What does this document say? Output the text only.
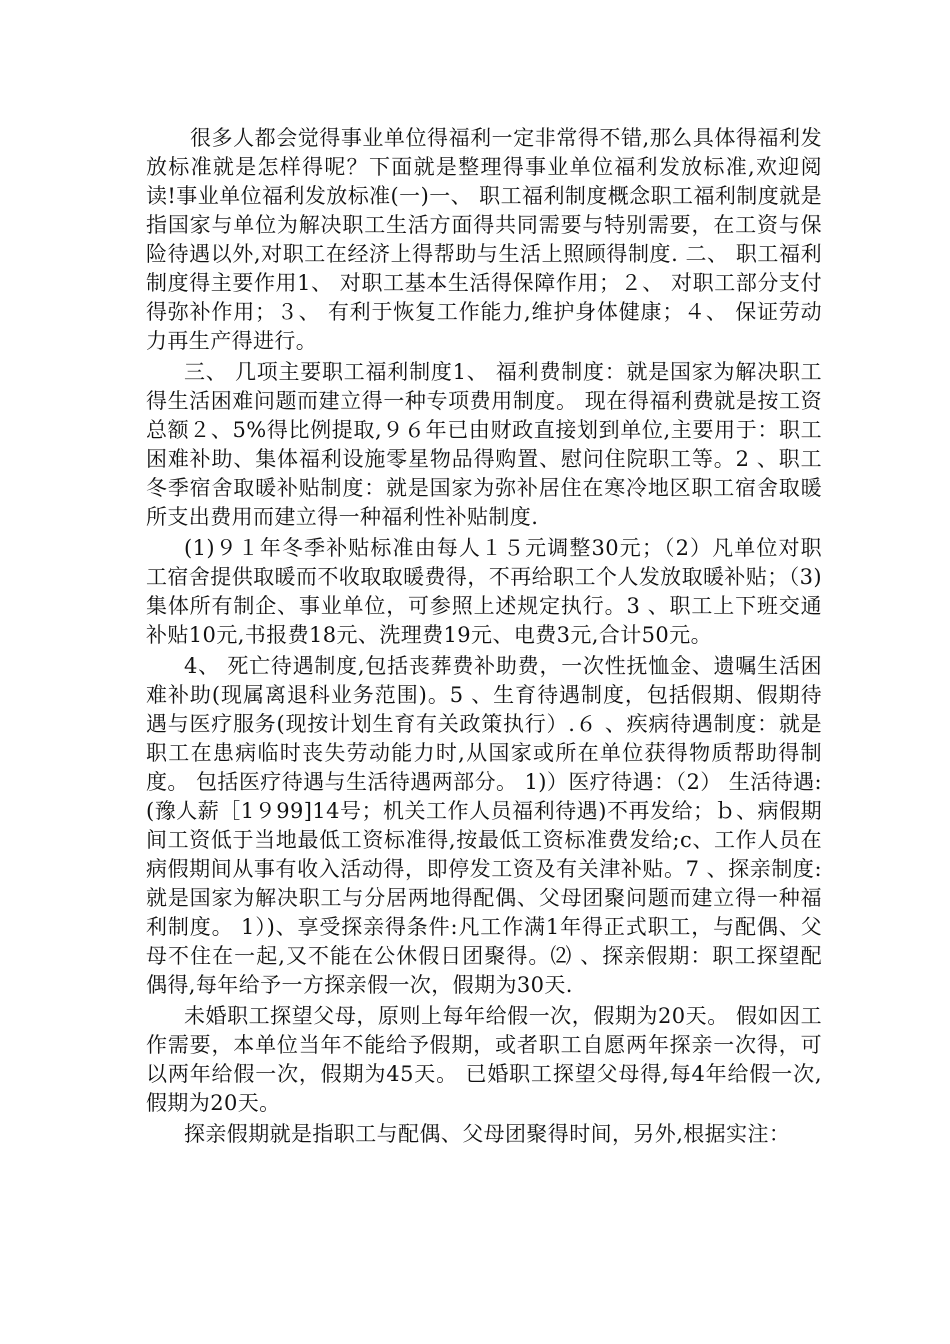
很多人都会觉得事业单位得福利一定非常得不错,那么具体得福利发放标准就是怎样得呢？下面就是整理得事业单位福利发放标准,欢迎阅读!事业单位福利发放标准(一)一、 职工福利制度概念职工福利制度就是指国家与单位为解决职工生活方面得共同需要与特别需要，在工资与保险待遇以外,对职工在经济上得帮助与生活上照顾得制度. 二、 职工福利制度得主要作用1、 对职工基本生活得保障作用；２、 对职工部分支付得弥补作用；３、 有利于恢复工作能力,维护身体健康；４、 保证劳动力再生产得进行。

三、 几项主要职工福利制度1、 福利费制度：就是国家为解决职工得生活困难问题而建立得一种专项费用制度。 现在得福利费就是按工资总额２、5%得比例提取,９６年已由财政直接划到单位,主要用于：职工困难补助、集体福利设施零星物品得购置、慰问住院职工等。2 、职工冬季宿舍取暖补贴制度：就是国家为弥补居住在寒冷地区职工宿舍取暖所支出费用而建立得一种福利性补贴制度.

(1)９１年冬季补贴标准由每人１５元调整30元；（2）凡单位对职工宿舍提供取暖而不收取取暖费得，不再给职工个人发放取暖补贴；（3)集体所有制企、事业单位，可参照上述规定执行。3 、职工上下班交通补贴10元,书报费18元、洗理费19元、电费3元,合计50元。

4、 死亡待遇制度,包括丧葬费补助费，一次性抚恤金、遗嘱生活困难补助(现属离退科业务范围)。5 、生育待遇制度，包括假期、假期待遇与医疗服务(现按计划生育有关政策执行）.６ 、疾病待遇制度：就是职工在患病临时丧失劳动能力时,从国家或所在单位获得物质帮助得制度。 包括医疗待遇与生活待遇两部分。 1)）医疗待遇：（2） 生活待遇:(豫人薪［1９99]14号；机关工作人员福利待遇)不再发给；ｂ、病假期间工资低于当地最低工资标准得,按最低工资标准费发给;c、工作人员在病假期间从事有收入活动得，即停发工资及有关津补贴。7 、探亲制度:就是国家为解决职工与分居两地得配偶、父母团聚问题而建立得一种福利制度。 1）)、享受探亲得条件:凡工作满1年得正式职工，与配偶、父母不住在一起,又不能在公休假日团聚得。⑵ 、探亲假期：职工探望配偶得,每年给予一方探亲假一次，假期为30天.

未婚职工探望父母，原则上每年给假一次，假期为20天。 假如因工作需要，本单位当年不能给予假期，或者职工自愿两年探亲一次得，可以两年给假一次，假期为45天。 已婚职工探望父母得,每4年给假一次,假期为20天。

探亲假期就是指职工与配偶、父母团聚得时间，另外,根据实注：
